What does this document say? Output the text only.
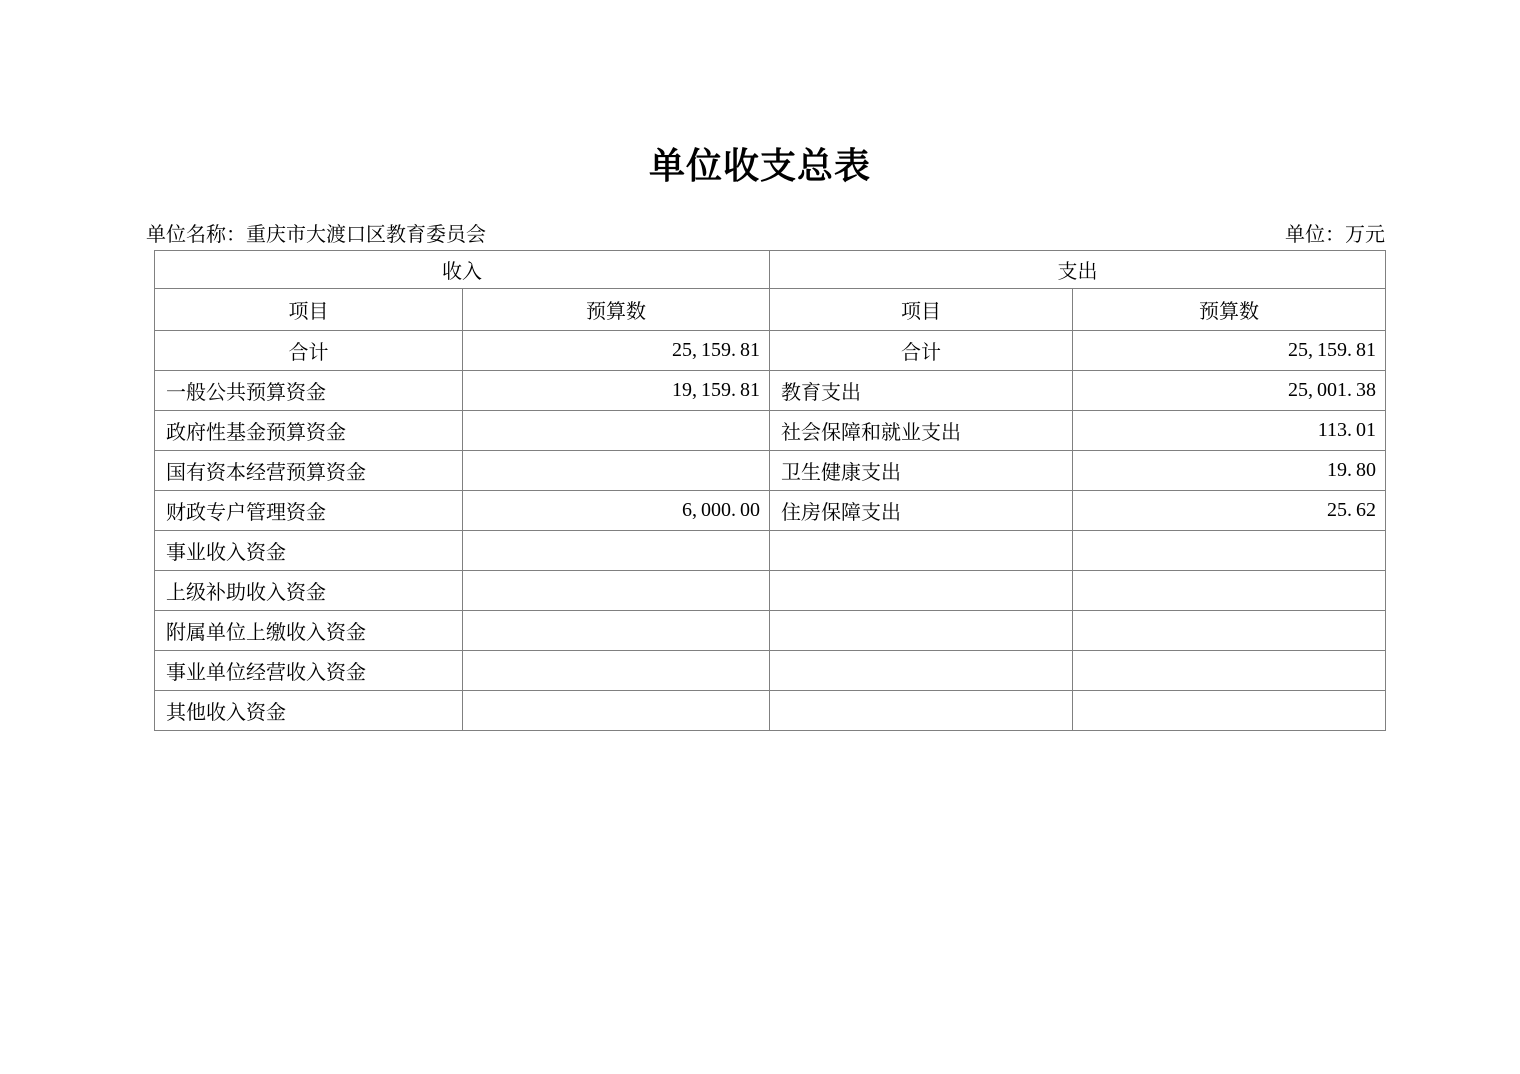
单位收支总表
单位名称：重庆市大渡口区教育委员会	单位：万元
收入		支出	
项目	预算数	项目	预算数
合计	25, 159. 81	合计	25, 159. 81
一般公共预算资金	19, 159. 81	教育支出	25, 001. 38
政府性基金预算资金		社会保障和就业支出	113. 01
国有资本经营预算资金		卫生健康支出	19. 80
财政专户管理资金	6, 000. 00	住房保障支出	25. 62
事业收入资金			
上级补助收入资金			
附属单位上缴收入资金			
事业单位经营收入资金			
其他收入资金			
